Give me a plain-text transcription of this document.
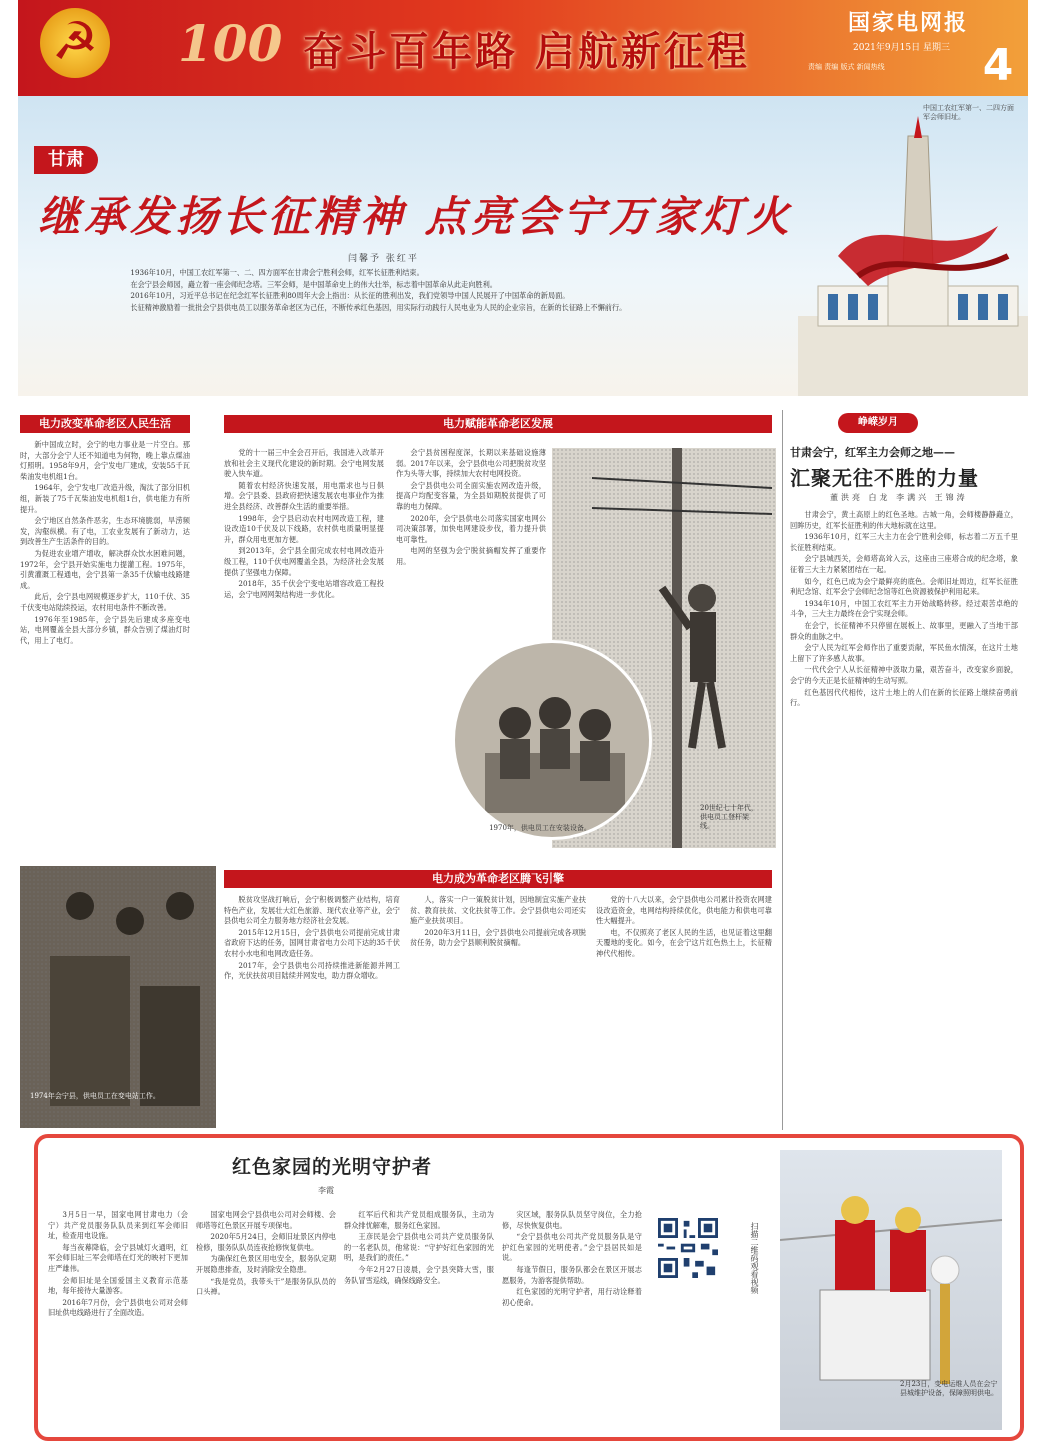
☭
100 奋斗百年路 启航新征程
国家电网报
2021年9月15日 星期三
责编 责编 版式 新闻热线	4
甘肃
继承发扬长征精神 点亮会宁万家灯火
闫馨予 张红平

1936年10月，中国工农红军第一、二、四方面军在甘肃会宁胜利会师，红军长征胜利结束。

在会宁县会师园，矗立着一座会师纪念塔。三军会师，是中国革命史上的伟大壮举，标志着中国革命从此走向胜利。

2016年10月，习近平总书记在纪念红军长征胜利80周年大会上指出：从长征的胜利出发，我们党领导中国人民展开了中国革命的新局面。

长征精神激励着一批批会宁县供电员工以服务革命老区为己任，不断传承红色基因，用实际行动践行人民电业为人民的企业宗旨，在新的长征路上不懈前行。

中国工农红军第一、二四方面军会师旧址。
电力改变革命老区人民生活

新中国成立时，会宁的电力事业是一片空白。那时，大部分会宁人还不知道电为何物，晚上靠点煤油灯照明。1958年9月，会宁发电厂建成，安装55千瓦柴油发电机组1台。

1964年，会宁发电厂改造升级，淘汰了部分旧机组，新装了75千瓦柴油发电机组1台，供电能力有所提升。

会宁地区自然条件恶劣，生态环境脆弱，旱涝频发，沟壑纵横。有了电，工农业发展有了新动力，达到改善生产生活条件的目的。

为促进农业增产增收，解决群众饮水困难问题，1972年，会宁县开始实施电力提灌工程。1975年，引黄灌溉工程通电，会宁县第一条35千伏输电线路建成。

此后，会宁县电网规模逐步扩大，110千伏、35千伏变电站陆续投运，农村用电条件不断改善。

1976年至1985年，会宁县先后建成多座变电站，电网覆盖全县大部分乡镇，群众告别了煤油灯时代，用上了电灯。

电力赋能革命老区发展

党的十一届三中全会召开后，我国进入改革开放和社会主义现代化建设的新时期。会宁电网发展驶入快车道。

随着农村经济快速发展，用电需求也与日俱增。会宁县委、县政府把快速发展农电事业作为推进全县经济、改善群众生活的重要举措。

1998年，会宁县启动农村电网改造工程，建设改造10千伏及以下线路，农村供电质量明显提升，群众用电更加方便。

到2013年，会宁县全面完成农村电网改造升级工程，110千伏电网覆盖全县，为经济社会发展提供了坚强电力保障。

2018年，35千伏会宁变电站增容改造工程投运，会宁电网网架结构进一步优化。

会宁县贫困程度深，长期以来基础设施薄弱。2017年以来，会宁县供电公司把脱贫攻坚作为头等大事，持续加大农村电网投资。

会宁县供电公司全面实施农网改造升级，提高户均配变容量，为全县如期脱贫提供了可靠的电力保障。

2020年，会宁县供电公司落实国家电网公司决策部署，加快电网建设步伐，着力提升供电可靠性。

电网的坚强为会宁脱贫摘帽发挥了重要作用。

20世纪七十年代，供电员工登杆架线。
1970年，供电员工在安装设备。
峥嵘岁月
甘肃会宁，红军主力会师之地——
汇聚无往不胜的力量
董洪亮 白龙 李满兴 王锦涛

甘肃会宁，黄土高原上的红色圣地。古城一角，会师楼静静矗立，回眸历史，红军长征胜利的伟大地标就在这里。

1936年10月，红军三大主力在会宁胜利会师，标志着二万五千里长征胜利结束。

会宁县城西关，会师塔高耸入云，这座由三座塔合成的纪念塔，象征着三大主力紧紧团结在一起。

如今，红色已成为会宁最鲜亮的底色。会师旧址周边，红军长征胜利纪念馆、红军会宁会师纪念馆等红色资源被保护利用起来。

1934年10月，中国工农红军主力开始战略转移。经过艰苦卓绝的斗争，三大主力最终在会宁实现会师。

在会宁，长征精神不只停留在展板上、故事里，更融入了当地干部群众的血脉之中。

会宁人民为红军会师作出了重要贡献，军民鱼水情深，在这片土地上留下了许多感人故事。

一代代会宁人从长征精神中汲取力量，艰苦奋斗，改变家乡面貌，会宁的今天正是长征精神的生动写照。

红色基因代代相传，这片土地上的人们在新的长征路上继续奋勇前行。

1974年会宁县，供电员工在变电站工作。
电力成为革命老区腾飞引擎

脱贫攻坚战打响后，会宁积极调整产业结构，培育特色产业，发展壮大红色旅游、现代农业等产业，会宁县供电公司全力服务地方经济社会发展。

2015年12月15日，会宁县供电公司提前完成甘肃省政府下达的任务，国网甘肃省电力公司下达的35千伏农村小水电和电网改造任务。

2017年，会宁县供电公司持续推进新能源并网工作，光伏扶贫项目陆续并网发电，助力群众增收。

人，落实一户一策脱贫计划，因地制宜实施产业扶贫、教育扶贫、文化扶贫等工作。会宁县供电公司还实施产业扶贫项目。

2020年3月11日，会宁县供电公司提前完成各项脱贫任务，助力会宁县顺利脱贫摘帽。

党的十八大以来，会宁县供电公司累计投资农网建设改造资金，电网结构持续优化，供电能力和供电可靠性大幅提升。

电，不仅照亮了老区人民的生活，也见证着这里翻天覆地的变化。如今，在会宁这片红色热土上，长征精神代代相传。

红色家园的光明守护者
李霞

3月5日一早，国家电网甘肃电力（会宁）共产党员服务队队员来到红军会师旧址，检查用电设施。

每当夜幕降临，会宁县城灯火通明，红军会师旧址三军会师塔在灯光的映衬下更加庄严雄伟。

会师旧址是全国爱国主义教育示范基地，每年接待大量游客。

2016年7月份，会宁县供电公司对会师旧址供电线路进行了全面改造。

国家电网会宁县供电公司对会师楼、会师塔等红色景区开展专项保电。

2020年5月24日，会师旧址景区内停电检修，服务队队员连夜抢修恢复供电。

为确保红色景区用电安全，服务队定期开展隐患排查，及时消除安全隐患。

“我是党员，我带头干”是服务队队员的口头禅。

红军后代和共产党员组成服务队，主动为群众排忧解难，服务红色家园。

王彦民是会宁县供电公司共产党员服务队的一名老队员，他常说：“守护好红色家园的光明，是我们的责任。”

今年2月27日凌晨，会宁县突降大雪，服务队冒雪巡线，确保线路安全。

灾区域，服务队队员坚守岗位，全力抢修，尽快恢复供电。

“会宁县供电公司共产党员服务队是守护红色家园的光明使者。”会宁县居民如是说。

每逢节假日，服务队都会在景区开展志愿服务，为游客提供帮助。

红色家园的光明守护者，用行动诠释着初心使命。

扫描二维码观看视频
2月23日，变电运维人员在会宁县城维护设备，保障照明供电。
